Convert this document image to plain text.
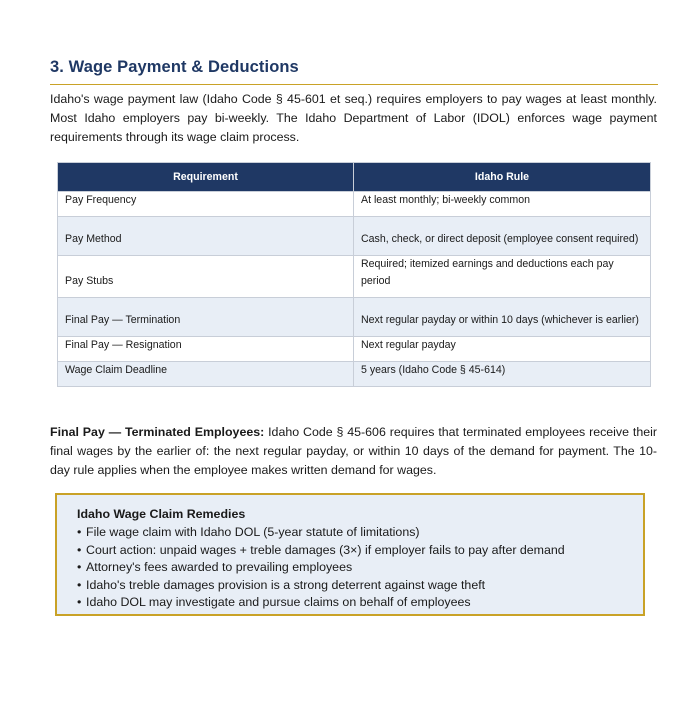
3. Wage Payment & Deductions

Idaho's wage payment law (Idaho Code § 45-601 et seq.) requires employers to pay wages at least monthly. Most Idaho employers pay bi-weekly. The Idaho Department of Labor (IDOL) enforces wage payment requirements through its wage claim process.

Requirement	Idaho Rule
Pay Frequency	At least monthly; bi-weekly common
Pay Method	Cash, check, or direct deposit (employee consent required)
Pay Stubs	Required; itemized earnings and deductions each pay period
Final Pay — Termination	Next regular payday or within 10 days (whichever is earlier)
Final Pay — Resignation	Next regular payday
Wage Claim Deadline	5 years (Idaho Code § 45-614)

Final Pay — Terminated Employees: Idaho Code § 45-606 requires that terminated employees receive their final wages by the earlier of: the next regular payday, or within 10 days of the demand for payment. The 10-day rule applies when the employee makes written demand for wages.

Idaho Wage Claim Remedies
• File wage claim with Idaho DOL (5-year statute of limitations)
• Court action: unpaid wages + treble damages (3×) if employer fails to pay after demand
• Attorney's fees awarded to prevailing employees
• Idaho's treble damages provision is a strong deterrent against wage theft
• Idaho DOL may investigate and pursue claims on behalf of employees
